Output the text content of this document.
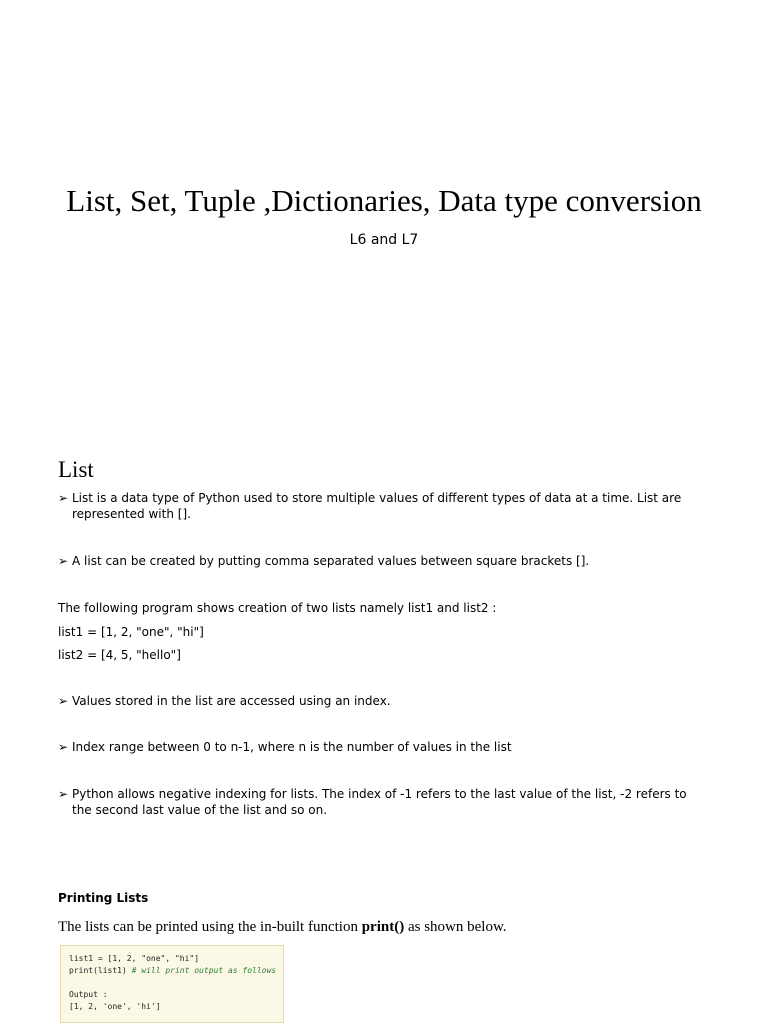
List, Set, Tuple ,Dictionaries, Data type conversion
L6 and L7
List
➢ List is a data type of Python used to store multiple values of different types of data at a time. List are represented with [].
➢ A list can be created by putting comma separated values between square brackets [].
The following program shows creation of two lists namely list1 and list2 :
list1 = [1, 2, "one", "hi"]
list2 = [4, 5, "hello"]
➢ Values stored in the list are accessed using an index.
➢ Index range between 0 to n-1, where n is the number of values in the list
➢ Python allows negative indexing for lists. The index of -1 refers to the last value of the list, -2 refers to the second last value of the list and so on.
Printing Lists
The lists can be printed using the in-built function print() as shown below.
list1 = [1, 2, "one", "hi"]
print(list1) # will print output as follows
Output :
[1, 2, 'one', 'hi']
